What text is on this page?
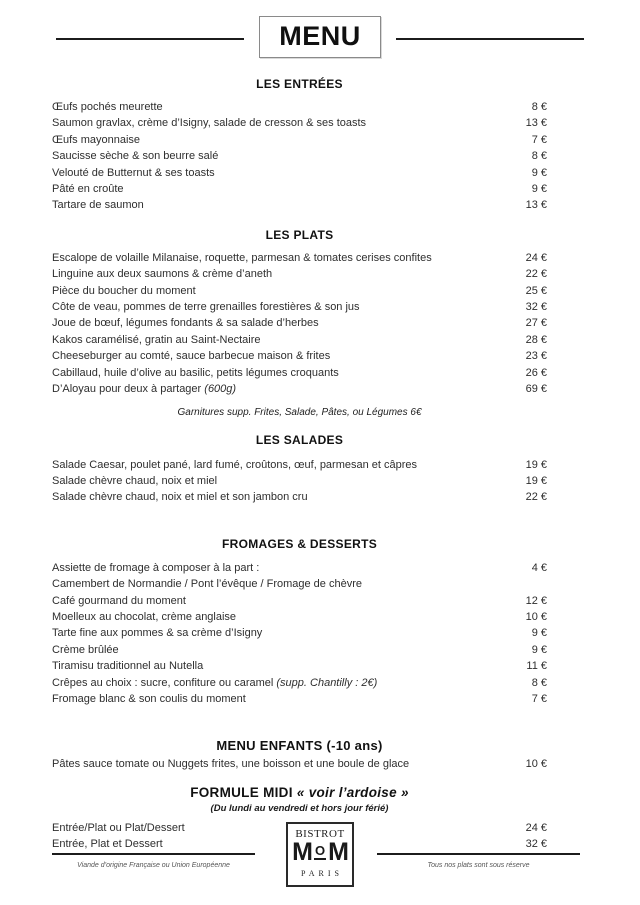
MENU
LES ENTRÉES
Œufs pochés meurette	8 €
Saumon gravlax, crème d’Isigny, salade de cresson & ses toasts	13 €
Œufs mayonnaise	7 €
Saucisse sèche & son beurre salé	8 €
Velouté de Butternut & ses toasts	9 €
Pâté en croûte	9 €
Tartare de saumon	13 €
LES PLATS
Escalope de volaille Milanaise, roquette, parmesan & tomates cerises confites	24 €
Linguine aux deux saumons & crème d’aneth	22 €
Pièce du boucher du moment	25 €
Côte de veau, pommes de terre grenailles forestières & son jus	32 €
Joue de bœuf, légumes fondants & sa salade d’herbes	27 €
Kakos caramélisé, gratin au Saint-Nectaire	28 €
Cheeseburger au comté, sauce barbecue maison & frites	23 €
Cabillaud, huile d’olive au basilic, petits légumes croquants	26 €
D’Aloyau pour deux à partager (600g)	69 €
Garnitures supp. Frites, Salade, Pâtes, ou Légumes 6€
LES SALADES
Salade Caesar, poulet pané, lard fumé, croûtons, œuf, parmesan et câpres	19 €
Salade chèvre chaud, noix et miel	19 €
Salade chèvre chaud, noix et miel et son jambon cru	22 €
FROMAGES & DESSERTS
Assiette de fromage à composer à la part :	4 €
Camembert de Normandie / Pont l’évêque / Fromage de chèvre
Café gourmand du moment	12 €
Moelleux au chocolat, crème anglaise	10 €
Tarte fine aux pommes & sa crème d’Isigny	9 €
Crème brûlée	9 €
Tiramisu traditionnel au Nutella	11 €
Crêpes au choix : sucre, confiture ou caramel (supp. Chantilly : 2€)	8 €
Fromage blanc & son coulis du moment	7 €
MENU ENFANTS (-10 ans)
Pâtes sauce tomate ou Nuggets frites, une boisson et une boule de glace	10 €
FORMULE MIDI « voir l’ardoise »
(Du lundi au vendredi et hors jour férié)
Entrée/Plat ou Plat/Dessert	24 €
Entrée, Plat et Dessert	32 €
Viande d’origine Française ou Union Européenne	Tous nos plats sont sous réserve
BISTROT
M O M
PARIS
